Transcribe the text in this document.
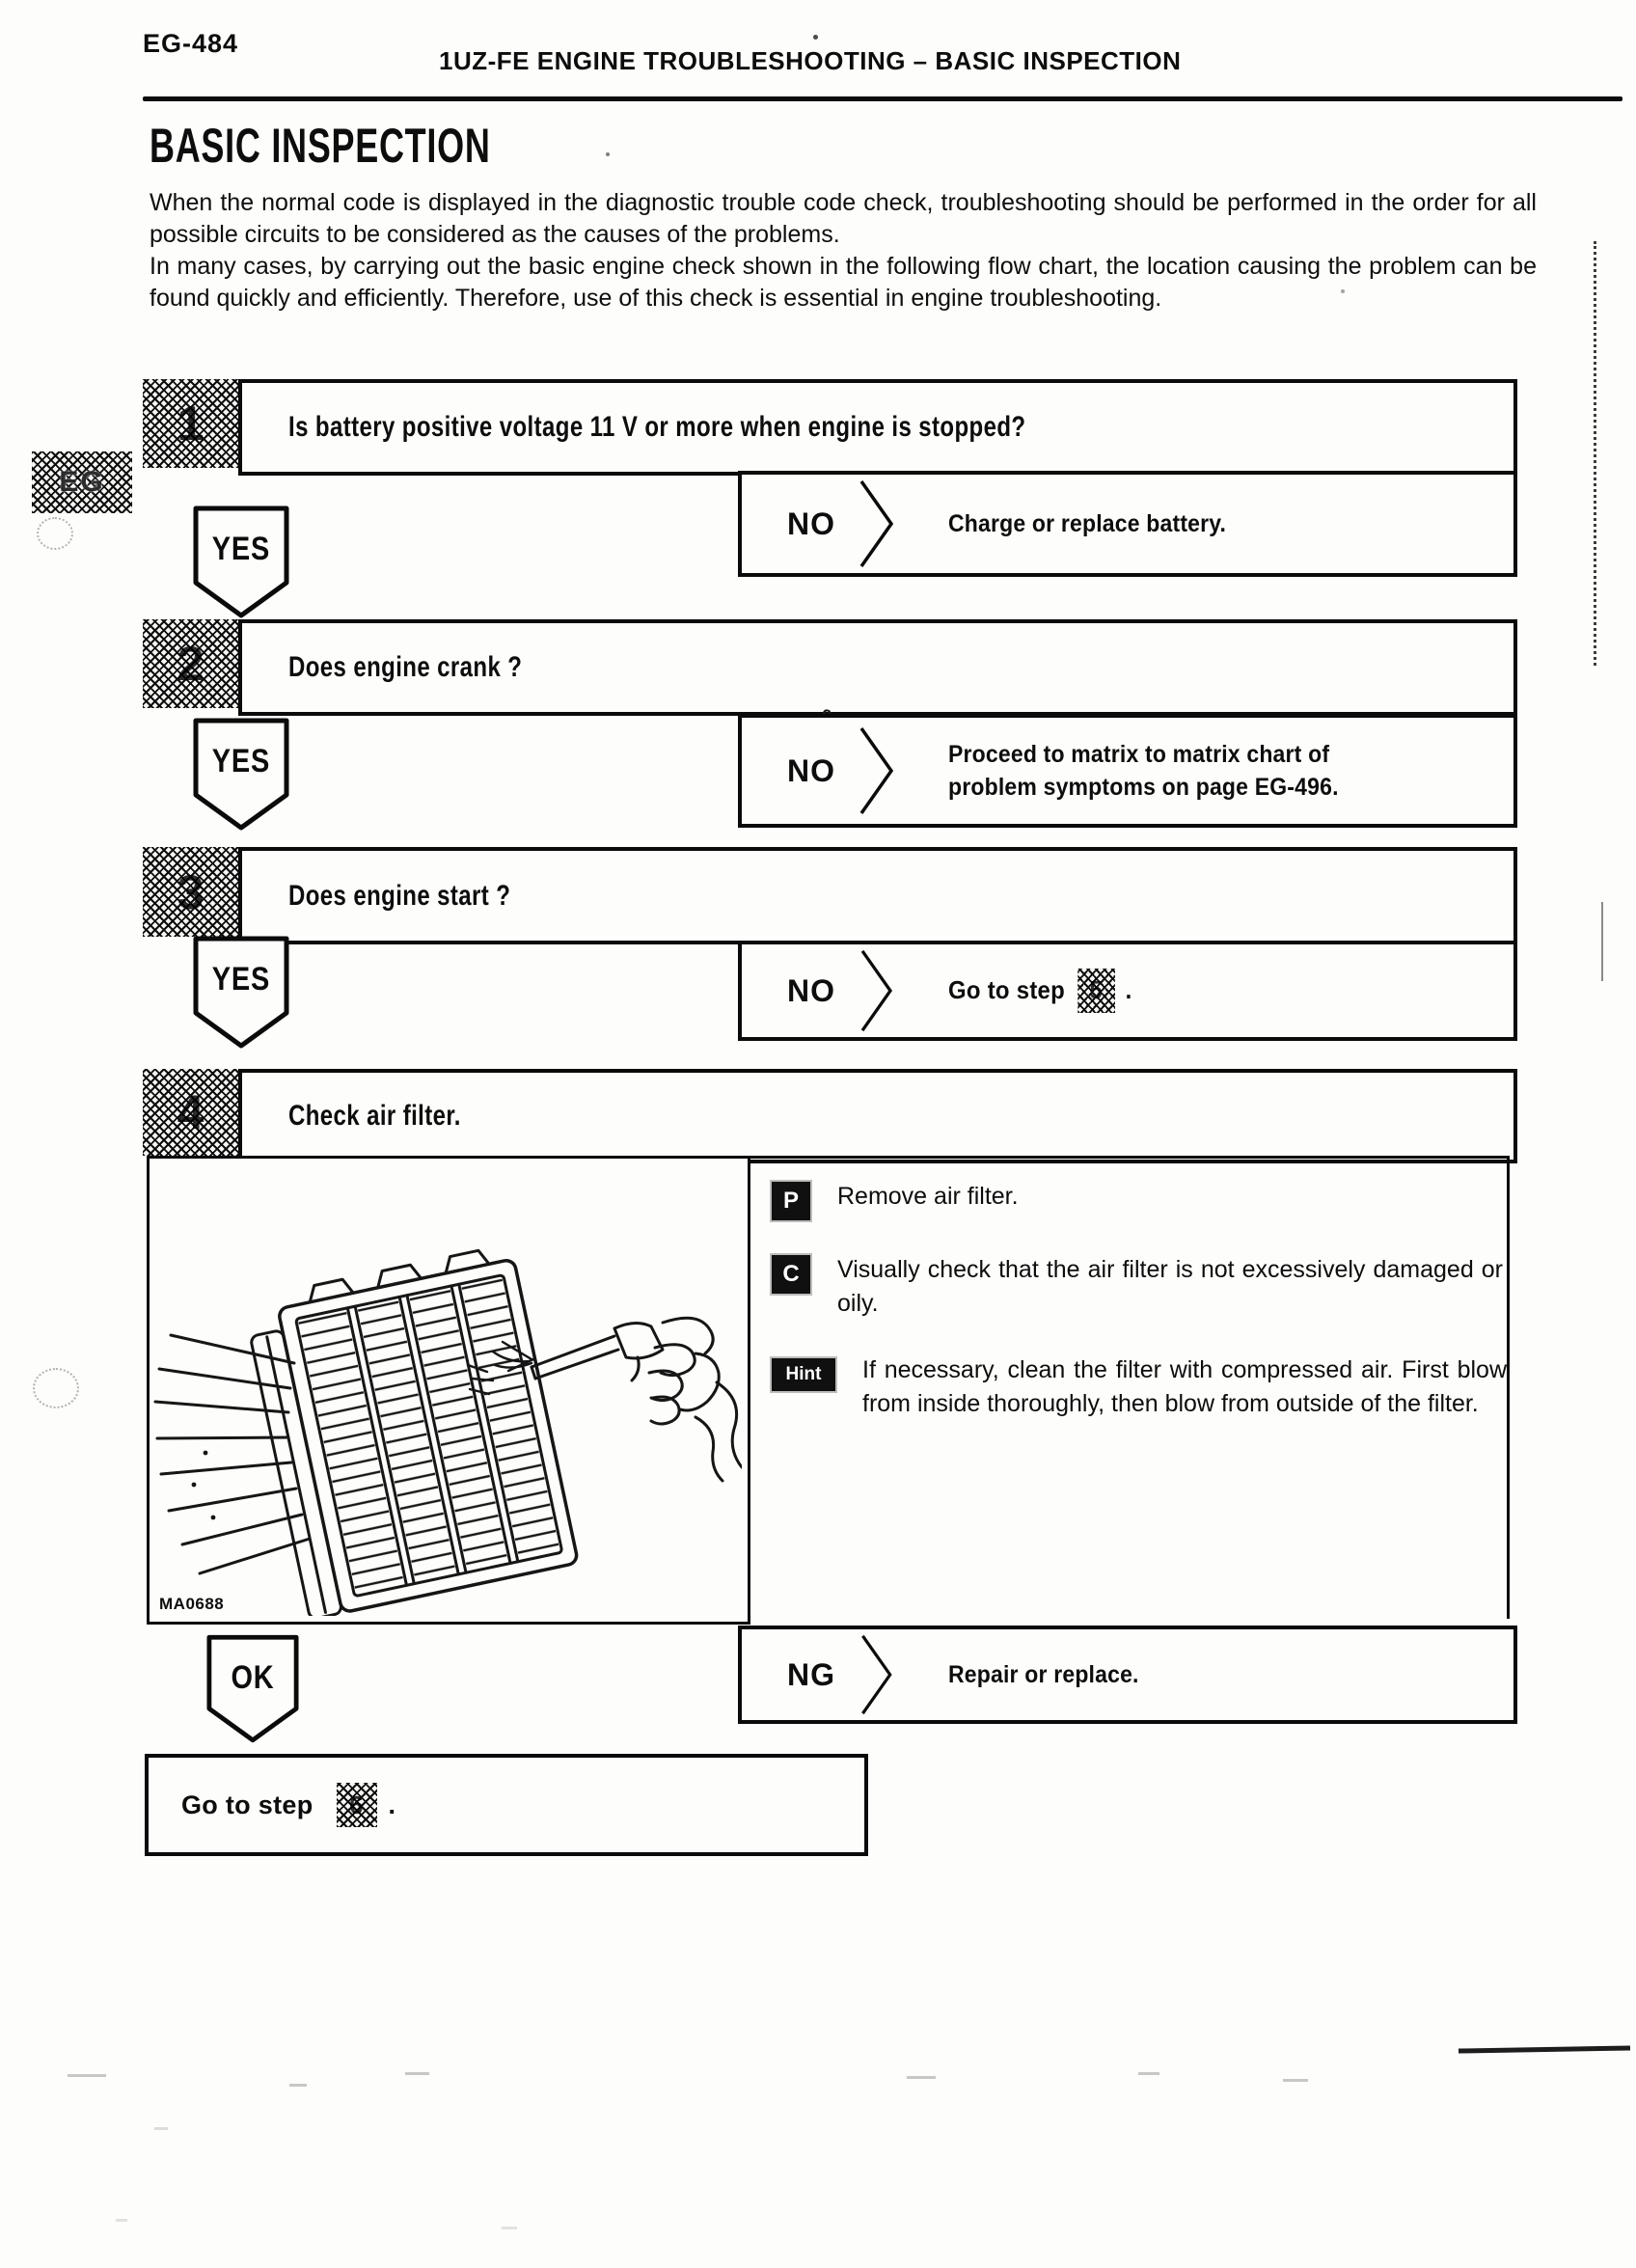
EG-484
1UZ-FE ENGINE TROUBLESHOOTING – BASIC INSPECTION
EG
BASIC INSPECTION
When the normal code is displayed in the diagnostic trouble code check, troubleshooting should be performed in the order for all possible circuits to be considered as the causes of the problems.
In many cases, by carrying out the basic engine check shown in the following flow chart, the location causing the problem can be found quickly and efficiently. Therefore, use of this check is essential in engine troubleshooting.
1	Is battery positive voltage 11 V or more when engine is stopped?
NO	Charge or replace battery.
YES
2	Does engine crank ?
NO	Proceed to matrix to matrix chart of
problem symptoms on page EG-496.
YES
3	Does engine start ?
NO	Go to step 5 .
YES
4	Check air filter.
MA0688
P	Remove air filter.
C	Visually check that the air filter is not excessively damaged or oily.
Hint	If necessary, clean the filter with compressed air. First blow from inside thoroughly, then blow from outside of the filter.
NG	Repair or replace.
OK
Go to step 6 .
